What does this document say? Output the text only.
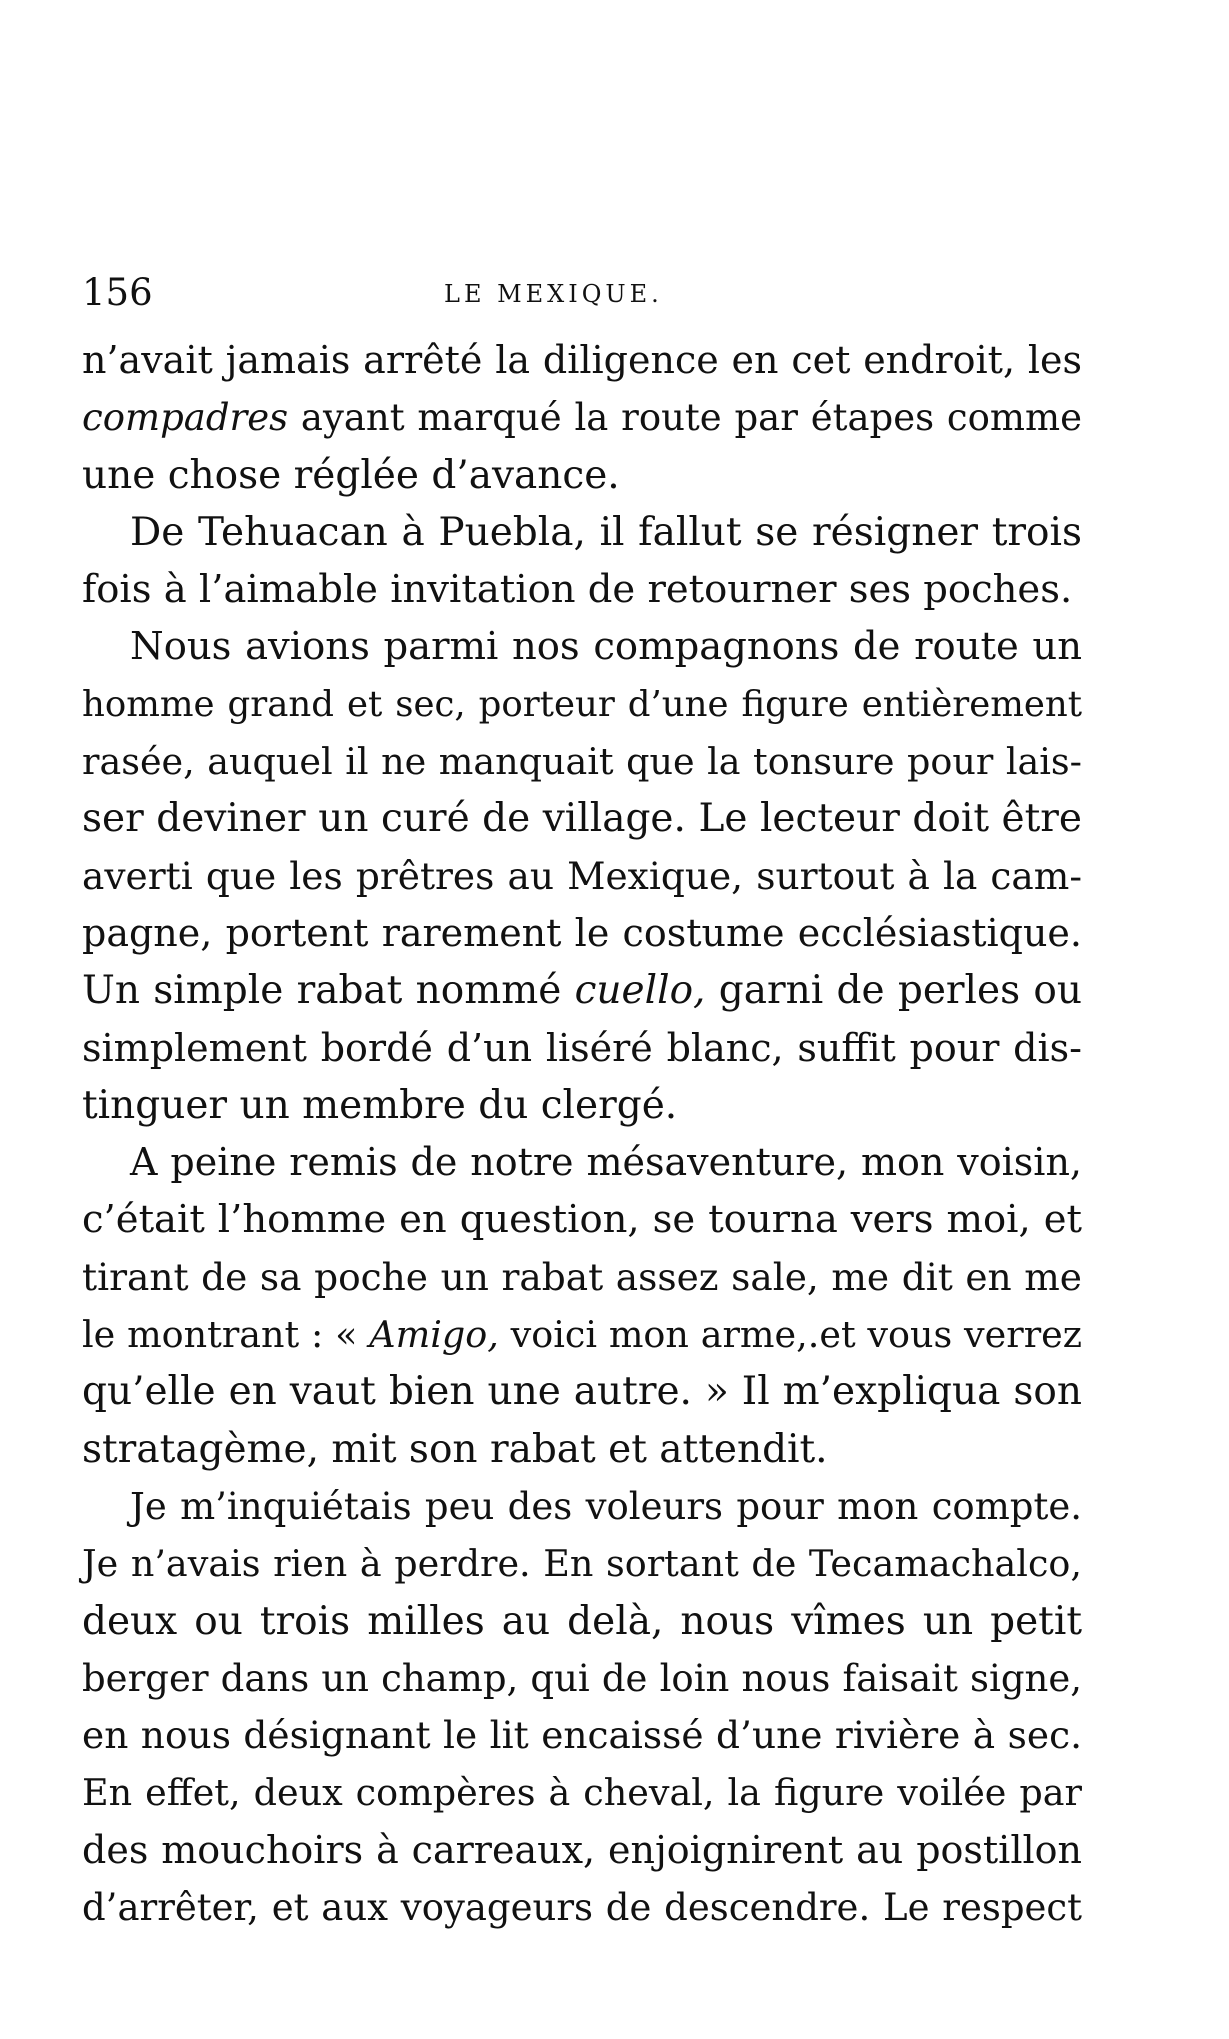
156	LE MEXIQUE.
n’avait jamais arrêté la diligence en cet endroit, les
compadres ayant marqué la route par étapes comme
une chose réglée d’avance.
De Tehuacan à Puebla, il fallut se résigner trois
fois à l’aimable invitation de retourner ses poches.
Nous avions parmi nos compagnons de route un
homme grand et sec, porteur d’une figure entièrement
rasée, auquel il ne manquait que la tonsure pour lais-
ser deviner un curé de village. Le lecteur doit être
averti que les prêtres au Mexique, surtout à la cam-
pagne, portent rarement le costume ecclésiastique.
Un simple rabat nommé cuello, garni de perles ou
simplement bordé d’un liséré blanc, suffit pour dis-
tinguer un membre du clergé.
A peine remis de notre mésaventure, mon voisin,
c’était l’homme en question, se tourna vers moi, et
tirant de sa poche un rabat assez sale, me dit en me
le montrant : « Amigo, voici mon arme,.et vous verrez
qu’elle en vaut bien une autre. » Il m’expliqua son
stratagème, mit son rabat et attendit.
Je m’inquiétais peu des voleurs pour mon compte.
Je n’avais rien à perdre. En sortant de Tecamachalco,
deux ou trois milles au delà, nous vîmes un petit
berger dans un champ, qui de loin nous faisait signe,
en nous désignant le lit encaissé d’une rivière à sec.
En effet, deux compères à cheval, la figure voilée par
des mouchoirs à carreaux, enjoignirent au postillon
d’arrêter, et aux voyageurs de descendre. Le respect
